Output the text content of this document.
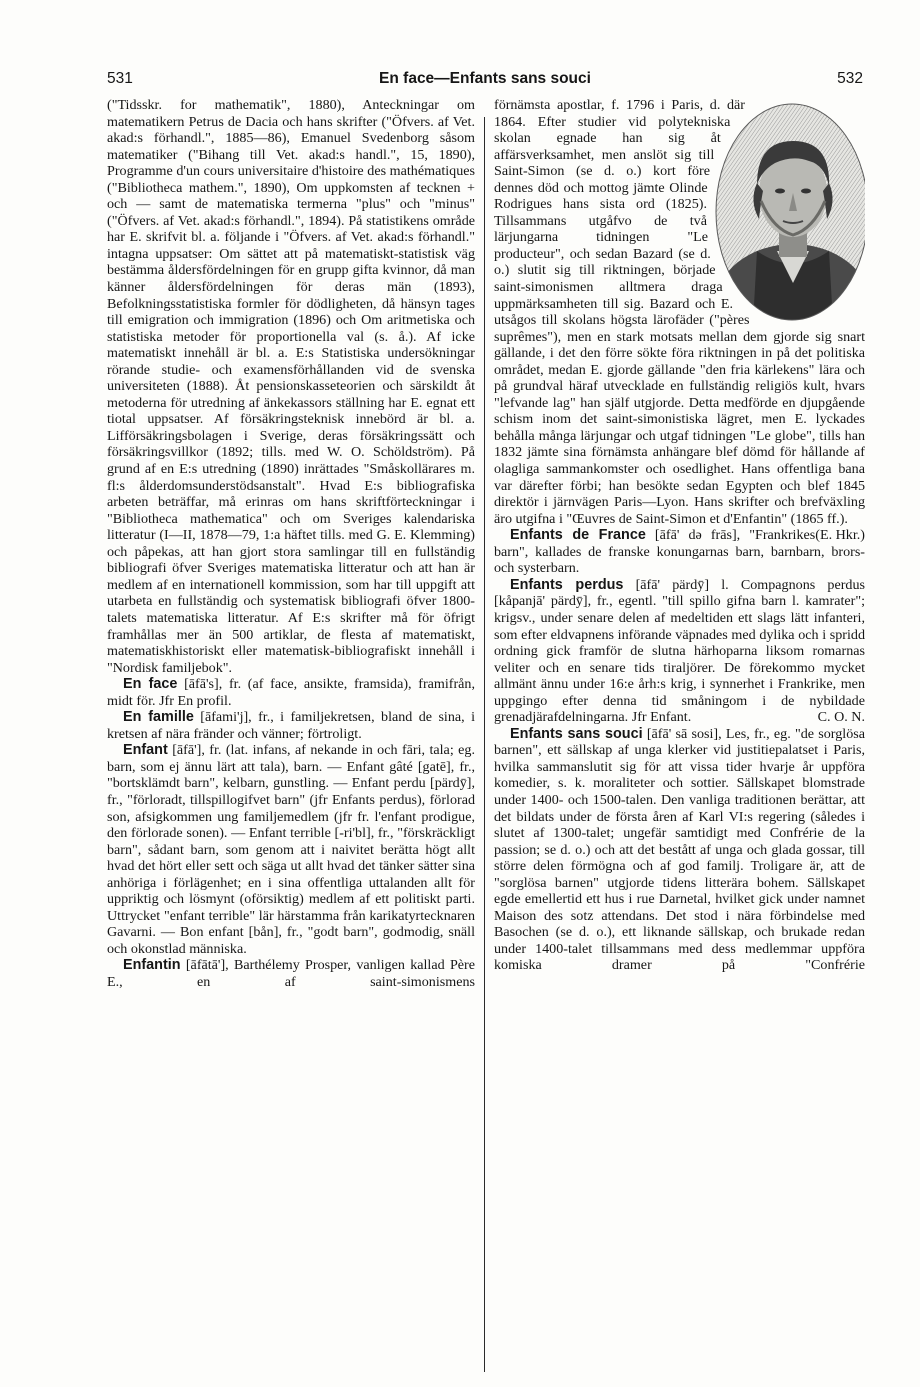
531	En face—Enfants sans souci	532

("Tidsskr. for mathematik", 1880), Anteckningar om matematikern Petrus de Dacia och hans skrifter ("Öfvers. af Vet. akad:s förhandl.", 1885—86), Emanuel Svedenborg såsom matematiker ("Bihang till Vet. akad:s handl.", 15, 1890), Programme d'un cours universitaire d'histoire des mathématiques ("Bibliotheca mathem.", 1890), Om uppkomsten af tecknen + och — samt de matematiska termerna "plus" och "minus" ("Öfvers. af Vet. akad:s förhandl.", 1894). På statistikens område har E. skrifvit bl. a. följande i "Öfvers. af Vet. akad:s förhandl." intagna uppsatser: Om sättet att på matematiskt-statistisk väg bestämma åldersfördelningen för en grupp gifta kvinnor, då man känner åldersfördelningen för deras män (1893), Befolkningsstatistiska formler för dödligheten, då hänsyn tages till emigration och immigration (1896) och Om aritmetiska och statistiska metoder för proportionella val (s. å.). Af icke matematiskt innehåll är bl. a. E:s Statistiska undersökningar rörande studie- och examensförhållanden vid de svenska universiteten (1888). Åt pensionskasseteorien och särskildt åt metoderna för utredning af änkekassors ställning har E. egnat ett tiotal uppsatser. Af försäkringsteknisk innebörd är bl. a. Lifförsäkringsbolagen i Sverige, deras försäkringssätt och försäkringsvillkor (1892; tills. med W. O. Schöldström). På grund af en E:s utredning (1890) inrättades "Småskollärares m. fl:s ålderdomsunderstödsanstalt". Hvad E:s bibliografiska arbeten beträffar, må erinras om hans skriftförteckningar i "Bibliotheca mathematica" och om Sveriges kalendariska litteratur (I—II, 1878—79, 1:a häftet tills. med G. E. Klemming) och påpekas, att han gjort stora samlingar till en fullständig bibliografi öfver Sveriges matematiska litteratur och att han är medlem af en internationell kommission, som har till uppgift att utarbeta en fullständig och systematisk bibliografi öfver 1800-talets matematiska litteratur. Af E:s skrifter må för öfrigt framhållas mer än 500 artiklar, de flesta af matematiskt, matematiskhistoriskt eller matematisk-bibliografiskt innehåll i "Nordisk familjebok".

En face [āfā's], fr. (af face, ansikte, framsida), framifrån, midt för. Jfr En profil.

En famille [āfami'j], fr., i familjekretsen, bland de sina, i kretsen af nära fränder och vänner; förtroligt.

Enfant [āfā'], fr. (lat. infans, af nekande in och fāri, tala; eg. barn, som ej ännu lärt att tala), barn. — Enfant gâté [gatē], fr., "bortsklämdt barn", kelbarn, gunstling. — Enfant perdu [pärdȳ], fr., "förloradt, tillspillogifvet barn" (jfr Enfants perdus), förlorad son, afsigkommen ung familjemedlem (jfr fr. l'enfant prodigue, den förlorade sonen). — Enfant terrible [-ri'bl], fr., "förskräckligt barn", sådant barn, som genom att i naivitet berätta högt allt hvad det hört eller sett och säga ut allt hvad det tänker sätter sina anhöriga i förlägenhet; en i sina offentliga uttalanden allt för uppriktig och lösmynt (oförsiktig) medlem af ett politiskt parti. Uttrycket "enfant terrible" lär härstamma från karikatyrtecknaren Gavarni. — Bon enfant [bån], fr., "godt barn", godmodig, snäll och okonstlad människa.

Enfantin [āfātā'], Barthélemy Prosper, vanligen kallad Père E., en af saint-simonismens

förnämsta apostlar, f. 1796 i Paris, d. där 1864. Efter studier vid polytekniska skolan egnade han sig åt affärsverksamhet, men anslöt sig till Saint-Simon (se d. o.) kort före dennes död och mottog jämte Olinde Rodrigues hans sista ord (1825). Tillsammans utgåfvo de två lärjungarna tidningen "Le producteur", och sedan Bazard (se d. o.) slutit sig till riktningen, började saint-simonismen alltmera draga uppmärksamheten till sig. Bazard och E. utsågos till skolans högsta lärofäder ("pères suprêmes"), men en stark motsats mellan dem gjorde sig snart gällande, i det den förre sökte föra riktningen in på det politiska området, medan E. gjorde gällande "den fria kärlekens" lära och på grundval häraf utvecklade en fullständig religiös kult, hvars "lefvande lag" han själf utgjorde. Detta medförde en djupgående schism inom det saint-simonistiska lägret, men E. lyckades behålla många lärjungar och utgaf tidningen "Le globe", tills han 1832 jämte sina förnämsta anhängare blef dömd för hållande af olagliga sammankomster och osedlighet. Hans offentliga bana var därefter förbi; han besökte sedan Egypten och blef 1845 direktör i järnvägen Paris—Lyon. Hans skrifter och brefväxling äro utgifna i "Œuvres de Saint-Simon et d'Enfantin" (1865 ff.).
(E. Hkr.)

Enfants de France [āfā' də frās], "Frankrikes barn", kallades de franske konungarnas barn, barnbarn, brors- och systerbarn.

Enfants perdus [āfā' pärdȳ] l. Compagnons perdus [kåpanjā' pärdȳ], fr., egentl. "till spillo gifna barn l. kamrater"; krigsv., under senare delen af medeltiden ett slags lätt infanteri, som efter eldvapnens införande väpnades med dylika och i spridd ordning gick framför de slutna härhoparna liksom romarnas veliter och en senare tids tiraljörer. De förekommo mycket allmänt ännu under 16:e årh:s krig, i synnerhet i Frankrike, men uppgingo efter denna tid småningom i de nybildade grenadjärafdelningarna. Jfr Enfant.	C. O. N.

Enfants sans souci [āfā' sā sosi], Les, fr., eg. "de sorglösa barnen", ett sällskap af unga klerker vid justitiepalatset i Paris, hvilka sammanslutit sig för att vissa tider hvarje år uppföra komedier, s. k. moraliteter och sottier. Sällskapet blomstrade under 1400- och 1500-talen. Den vanliga traditionen berättar, att det bildats under de första åren af Karl VI:s regering (således i slutet af 1300-talet; ungefär samtidigt med Confrérie de la passion; se d. o.) och att det bestått af unga och glada gossar, till större delen förmögna och af god familj. Troligare är, att de "sorglösa barnen" utgjorde tidens litterära bohem. Sällskapet egde emellertid ett hus i rue Darnetal, hvilket gick under namnet Maison des sotz attendans. Det stod i nära förbindelse med Basochen (se d. o.), ett liknande sällskap, och brukade redan under 1400-talet tillsammans med dess medlemmar uppföra komiska dramer på "Confrérie
